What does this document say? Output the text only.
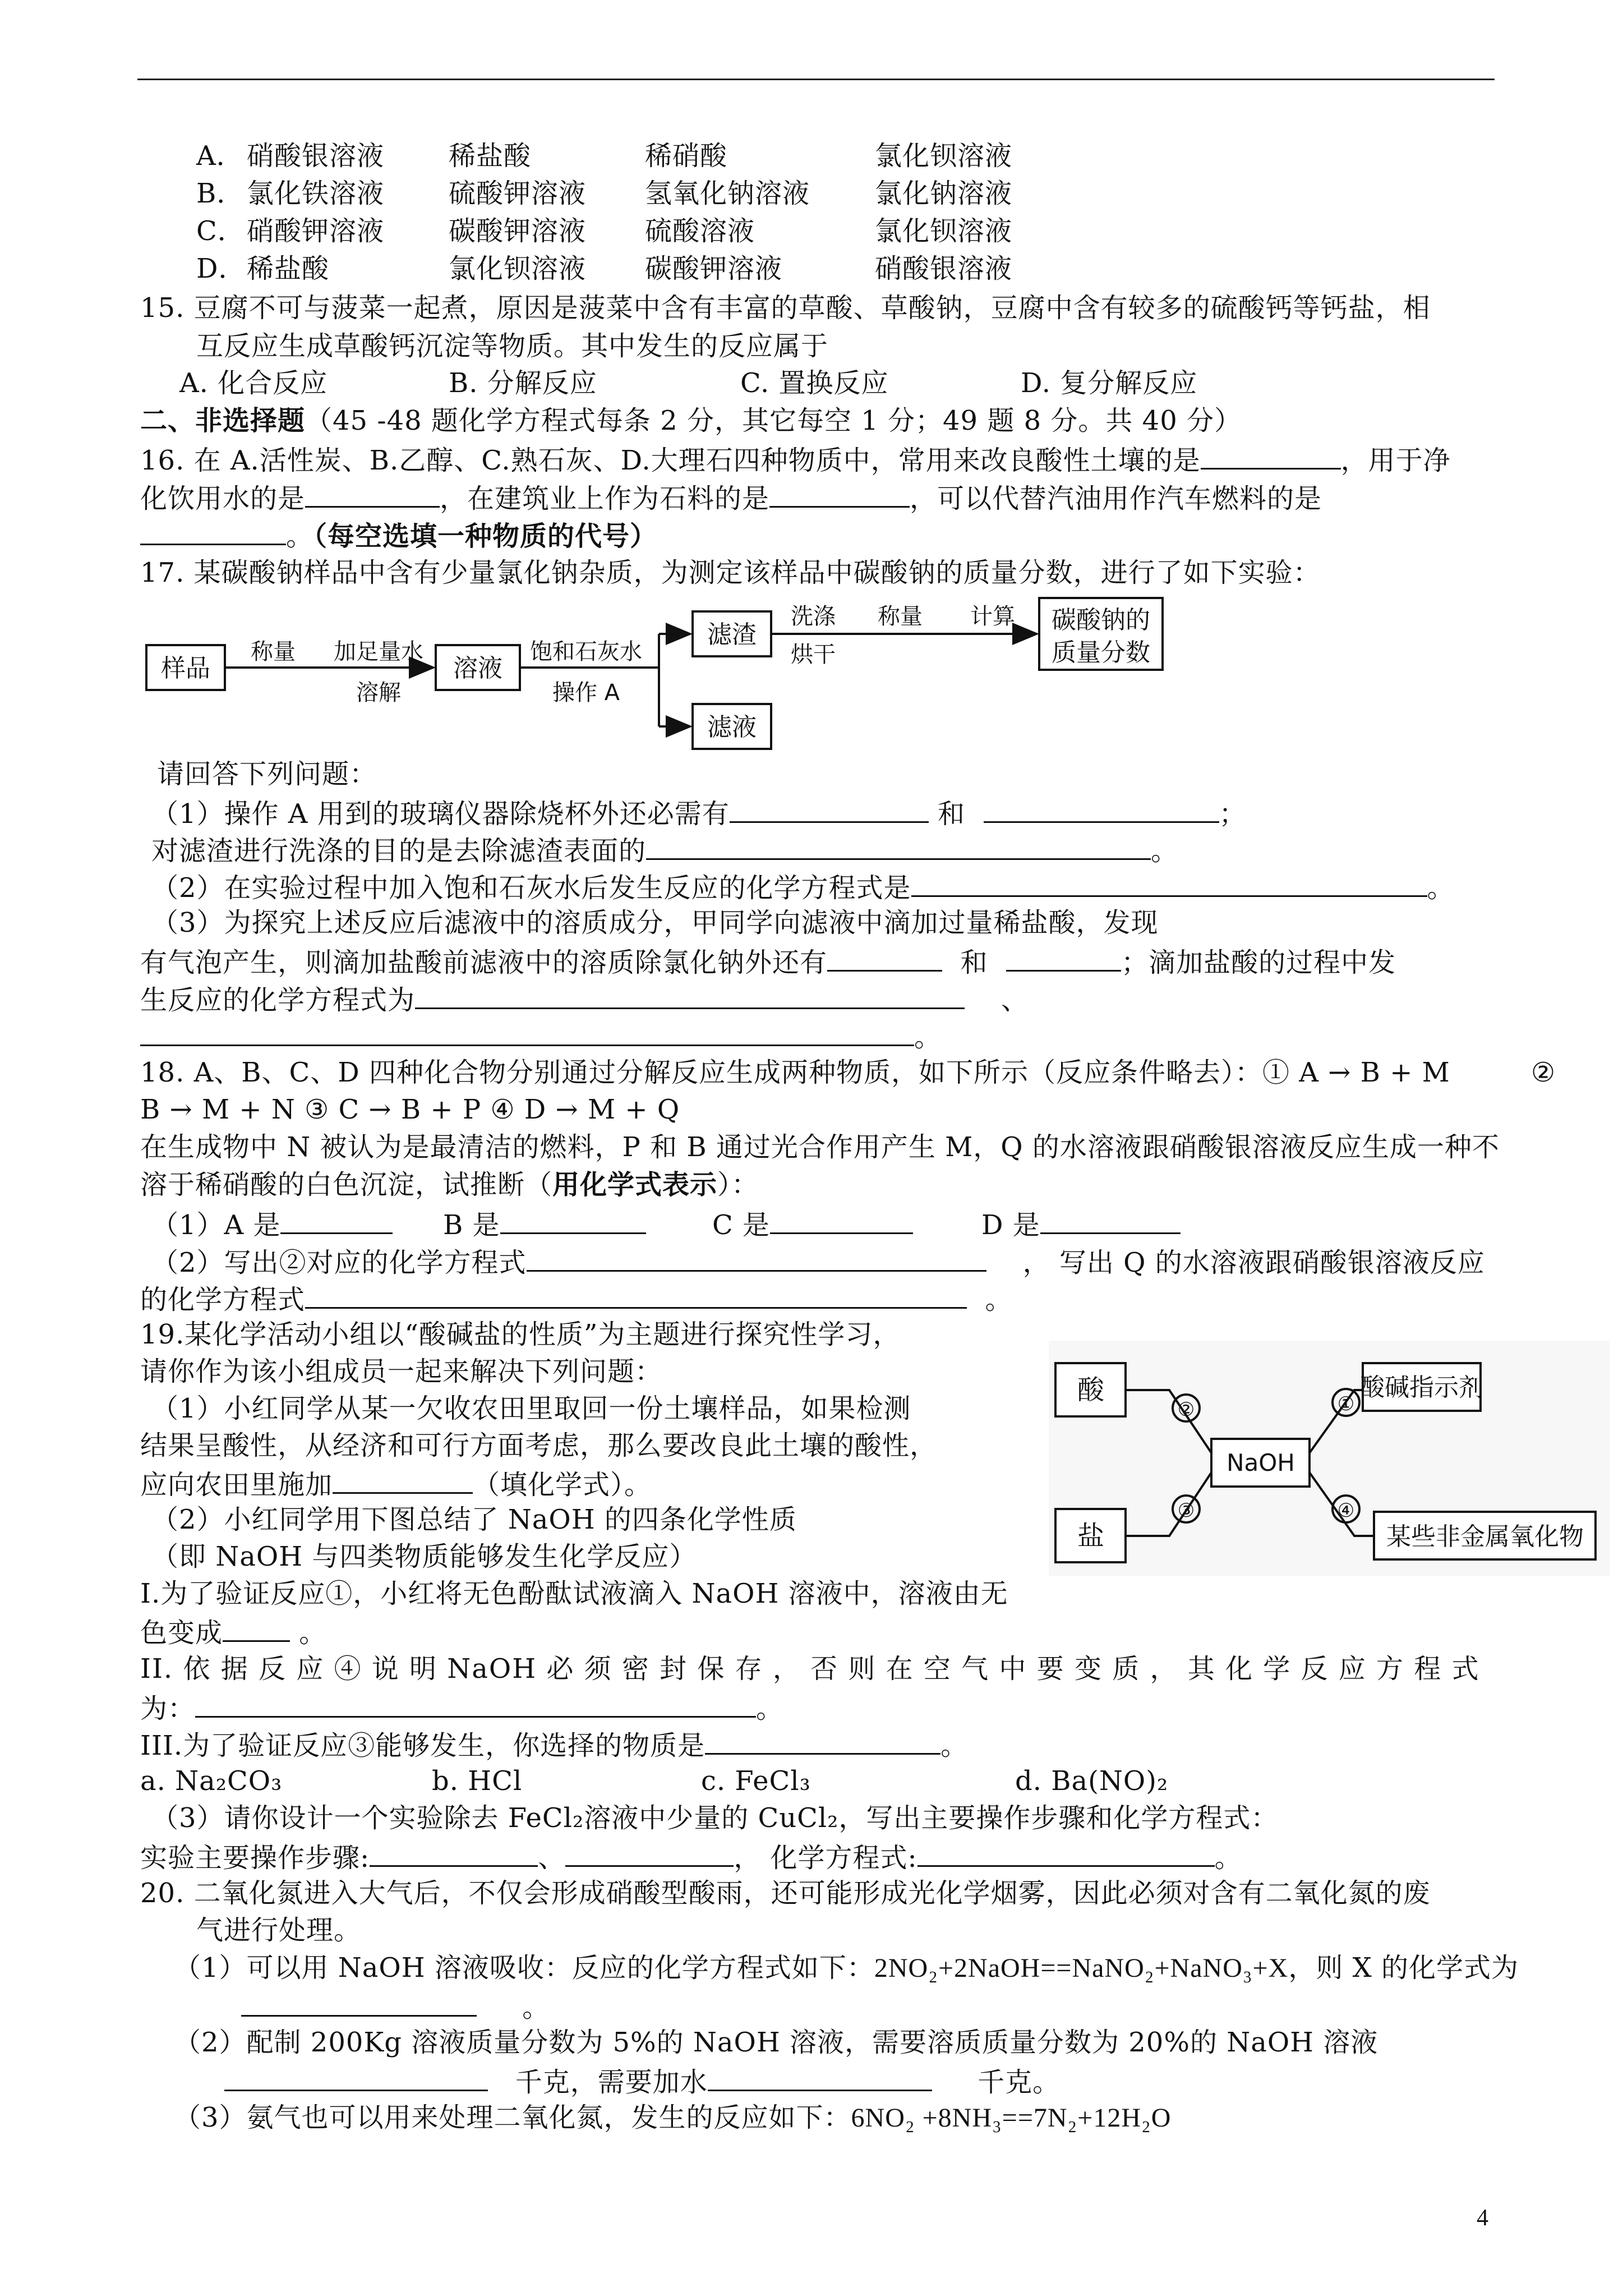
A． 硝酸银溶液 稀盐酸	稀硝酸	氯化钡溶液
B． 氯化铁溶液 硫酸钾溶液 氢氧化钠溶液 氯化钠溶液
C． 硝酸钾溶液 碳酸钾溶液 硫酸溶液	氯化钡溶液
D． 稀盐酸	氯化钡溶液 碳酸钾溶液	硝酸银溶液
15. 豆腐不可与菠菜一起煮，原因是菠菜中含有丰富的草酸、草酸钠，豆腐中含有较多的硫酸钙等钙盐，相
互反应生成草酸钙沉淀等物质。其中发生的反应属于
A. 化合反应	B. 分解反应	C. 置换反应	D. 复分解反应
二、非选择题（45 -48 题化学方程式每条 2 分，其它每空 1 分；49 题 8 分。共 40 分）
16. 在 A.活性炭、B.乙醇、C.熟石灰、D.大理石四种物质中，常用来改良酸性土壤的是	，用于净
化饮用水的是	，在建筑业上作为石料的是	，可以代替汽油用作汽车燃料的是
。（每空选填一种物质的代号）
17. 某碳酸钠样品中含有少量氯化钠杂质，为测定该样品中碳酸钠的质量分数，进行了如下实验：
样品
称量 加足量水
溶解
溶液
饱和石灰水
操作 A
滤渣
滤液
洗涤
烘干
称量 计算 碳酸钠的
质量分数
请回答下列问题：
（1）操作 A 用到的玻璃仪器除烧杯外还必需有	和	；
对滤渣进行洗涤的目的是去除滤渣表面的	。
（2）在实验过程中加入饱和石灰水后发生反应的化学方程式是	。
（3）为探究上述反应后滤液中的溶质成分，甲同学向滤液中滴加过量稀盐酸，发现
有气泡产生，则滴加盐酸前滤液中的溶质除氯化钠外还有	和	；滴加盐酸的过程中发
生反应的化学方程式为	、
。
18. A、B、C、D 四种化合物分别通过分解反应生成两种物质，如下所示（反应条件略去）：① A → B + M	②
B → M + N ③ C → B + P ④ D → M + Q
在生成物中 N 被认为是最清洁的燃料，P 和 B 通过光合作用产生 M，Q 的水溶液跟硝酸银溶液反应生成一种不
溶于稀硝酸的白色沉淀，试推断（用化学式表示）：
（1）A 是	B 是	C 是	D 是
（2）写出②对应的化学方程式	， 写出 Q 的水溶液跟硝酸银溶液反应
的化学方程式	。
19.某化学活动小组以“酸碱盐的性质”为主题进行探究性学习，
请你作为该小组成员一起来解决下列问题：
（1）小红同学从某一欠收农田里取回一份土壤样品，如果检测
结果呈酸性，从经济和可行方面考虑，那么要改良此土壤的酸性，
应向农田里施加	（填化学式）。
（2）小红同学用下图总结了 NaOH 的四条化学性质
（即 NaOH 与四类物质能够发生化学反应）
I.为了验证反应①，小红将无色酚酞试液滴入 NaOH 溶液中，溶液由无
色变成	。
II. 依 据 反 应 ④ 说 明 NaOH 必 须 密 封 保 存 ， 否 则 在 空 气 中 要 变 质 ， 其 化 学 反 应 方 程 式
为：	。
III.为了验证反应③能够发生，你选择的物质是	。
a. Na₂CO₃	b. HCl	c. FeCl₃	d. Ba(NO)₂
（3）请你设计一个实验除去 FeCl₂溶液中少量的 CuCl₂，写出主要操作步骤和化学方程式：
实验主要操作步骤:	、	， 化学方程式:	。
酸
盐
NaOH
酸碱指示剂
某些非金属氧化物
②
③
①
④
20. 二氧化氮进入大气后，不仅会形成硝酸型酸雨，还可能形成光化学烟雾，因此必须对含有二氧化氮的废
气进行处理。
（1）可以用 NaOH 溶液吸收：反应的化学方程式如下：2NO₂+2NaOH==NaNO₂+NaNO₃+X，则 X 的化学式为
。
（2）配制 200Kg 溶液质量分数为 5%的 NaOH 溶液，需要溶质质量分数为 20%的 NaOH 溶液
千克，需要加水	千克。
（3）氨气也可以用来处理二氧化氮，发生的反应如下：6NO₂ +8NH₃==7N₂+12H₂O
4
